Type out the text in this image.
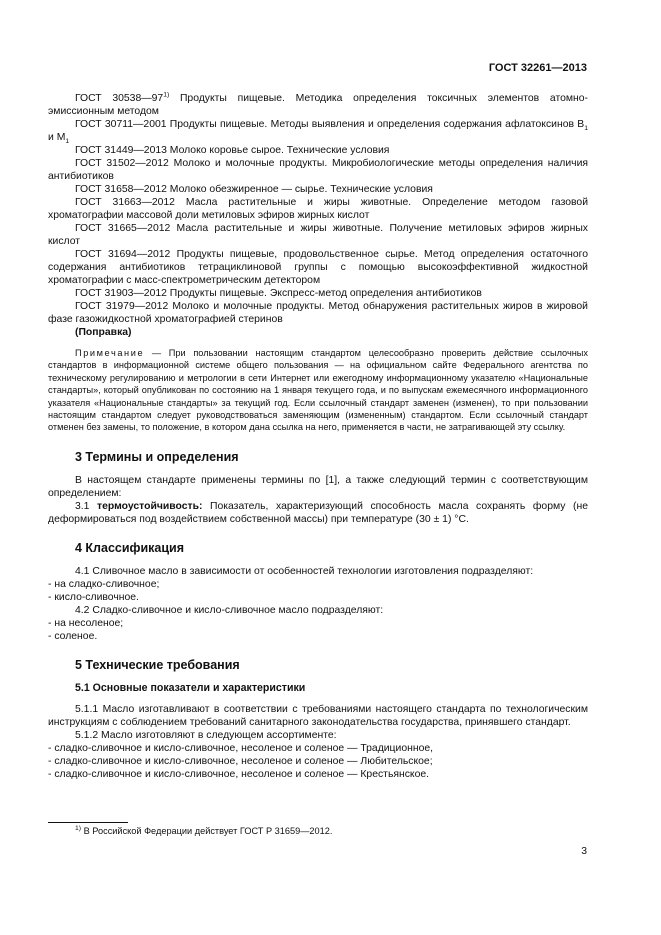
ГОСТ 32261—2013

ГОСТ 30538—97$^{1)}$ Продукты пищевые. Методика определения токсичных элементов атомно-эмиссионным методом

ГОСТ 30711—2001 Продукты пищевые. Методы выявления и определения содержания афлатоксинов $В_1$ и $М_1$

ГОСТ 31449—2013 Молоко коровье сырое. Технические условия

ГОСТ 31502—2012 Молоко и молочные продукты. Микробиологические методы определения наличия антибиотиков

ГОСТ 31658—2012 Молоко обезжиренное — сырье. Технические условия

ГОСТ 31663—2012 Масла растительные и жиры животные. Определение методом газовой хроматографии массовой доли метиловых эфиров жирных кислот

ГОСТ 31665—2012 Масла растительные и жиры животные. Получение метиловых эфиров жирных кислот

ГОСТ 31694—2012 Продукты пищевые, продовольственное сырье. Метод определения остаточного содержания антибиотиков тетрациклиновой группы с помощью высокоэффективной жидкостной хроматографии с масс-спектрометрическим детектором

ГОСТ 31903—2012 Продукты пищевые. Экспресс-метод определения антибиотиков

ГОСТ 31979—2012 Молоко и молочные продукты. Метод обнаружения растительных жиров в жировой фазе газожидкостной хроматографией стеринов

(Поправка)

Примечание — При пользовании настоящим стандартом целесообразно проверить действие ссылочных стандартов в информационной системе общего пользования — на официальном сайте Федерального агентства по техническому регулированию и метрологии в сети Интернет или ежегодному информационному указателю «Национальные стандарты», который опубликован по состоянию на 1 января текущего года, и по выпускам ежемесячного информационного указателя «Национальные стандарты» за текущий год. Если ссылочный стандарт заменен (изменен), то при пользовании настоящим стандартом следует руководствоваться заменяющим (измененным) стандартом. Если ссылочный стандарт отменен без замены, то положение, в котором дана ссылка на него, применяется в части, не затрагивающей эту ссылку.

3 Термины и определения

В настоящем стандарте применены термины по [1], а также следующий термин с соответствующим определением:

3.1 термоустойчивость: Показатель, характеризующий способность масла сохранять форму (не деформироваться под воздействием собственной массы) при температуре (30 ± 1) °С.

4 Классификация

4.1 Сливочное масло в зависимости от особенностей технологии изготовления подразделяют:

- на сладко-сливочное;

- кисло-сливочное.

4.2 Сладко-сливочное и кисло-сливочное масло подразделяют:

- на несоленое;

- соленое.

5 Технические требования
5.1 Основные показатели и характеристики

5.1.1 Масло изготавливают в соответствии с требованиями настоящего стандарта по технологическим инструкциям с соблюдением требований санитарного законодательства государства, принявшего стандарт.

5.1.2 Масло изготовляют в следующем ассортименте:

- сладко-сливочное и кисло-сливочное, несоленое и соленое — Традиционное,

- сладко-сливочное и кисло-сливочное, несоленое и соленое — Любительское;

- сладко-сливочное и кисло-сливочное, несоленое и соленое — Крестьянское.

$^{1)}$ В Российской Федерации действует ГОСТ Р 31659—2012.
3
